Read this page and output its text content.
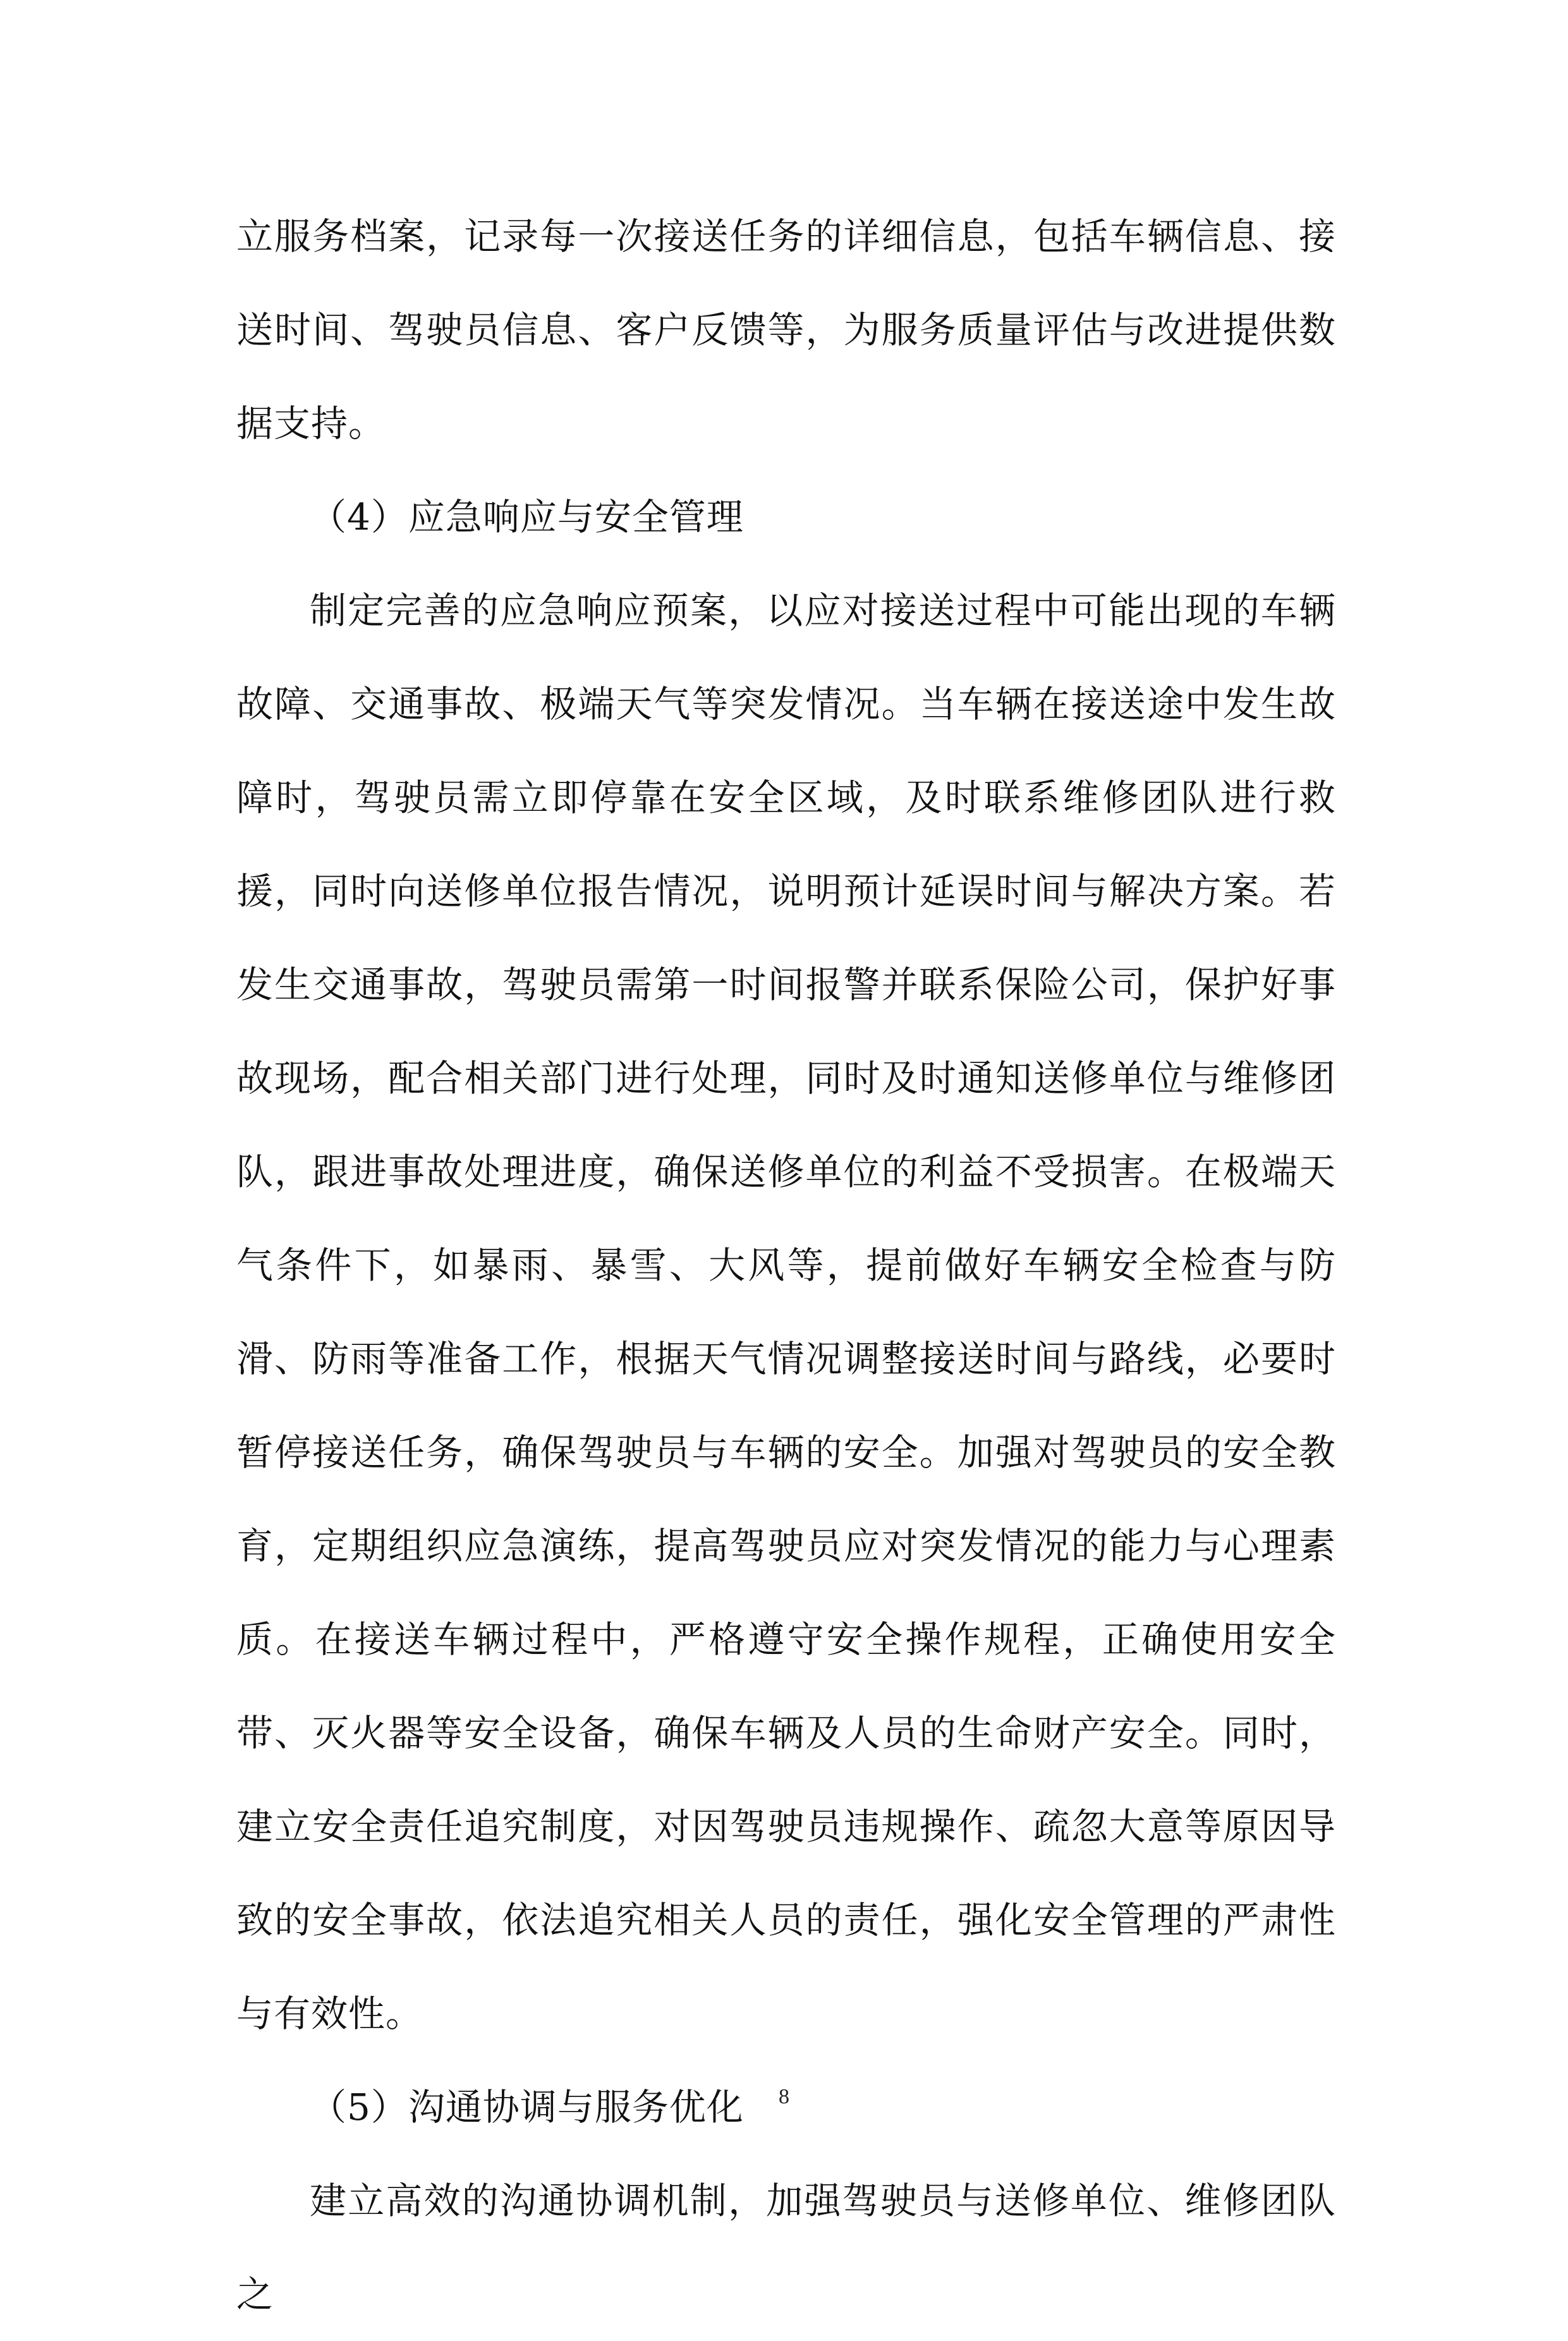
立服务档案，记录每一次接送任务的详细信息，包括车辆信息、接送时间、驾驶员信息、客户反馈等，为服务质量评估与改进提供数据支持。

（4）应急响应与安全管理

制定完善的应急响应预案，以应对接送过程中可能出现的车辆故障、交通事故、极端天气等突发情况。当车辆在接送途中发生故障时，驾驶员需立即停靠在安全区域，及时联系维修团队进行救援，同时向送修单位报告情况，说明预计延误时间与解决方案。若发生交通事故，驾驶员需第一时间报警并联系保险公司，保护好事故现场，配合相关部门进行处理，同时及时通知送修单位与维修团队，跟进事故处理进度，确保送修单位的利益不受损害。在极端天气条件下，如暴雨、暴雪、大风等，提前做好车辆安全检查与防滑、防雨等准备工作，根据天气情况调整接送时间与路线，必要时暂停接送任务，确保驾驶员与车辆的安全。加强对驾驶员的安全教育，定期组织应急演练，提高驾驶员应对突发情况的能力与心理素质。在接送车辆过程中，严格遵守安全操作规程，正确使用安全带、灭火器等安全设备，确保车辆及人员的生命财产安全。同时，建立安全责任追究制度，对因驾驶员违规操作、疏忽大意等原因导致的安全事故，依法追究相关人员的责任，强化安全管理的严肃性与有效性。

（5）沟通协调与服务优化

建立高效的沟通协调机制，加强驾驶员与送修单位、维修团队之

8
